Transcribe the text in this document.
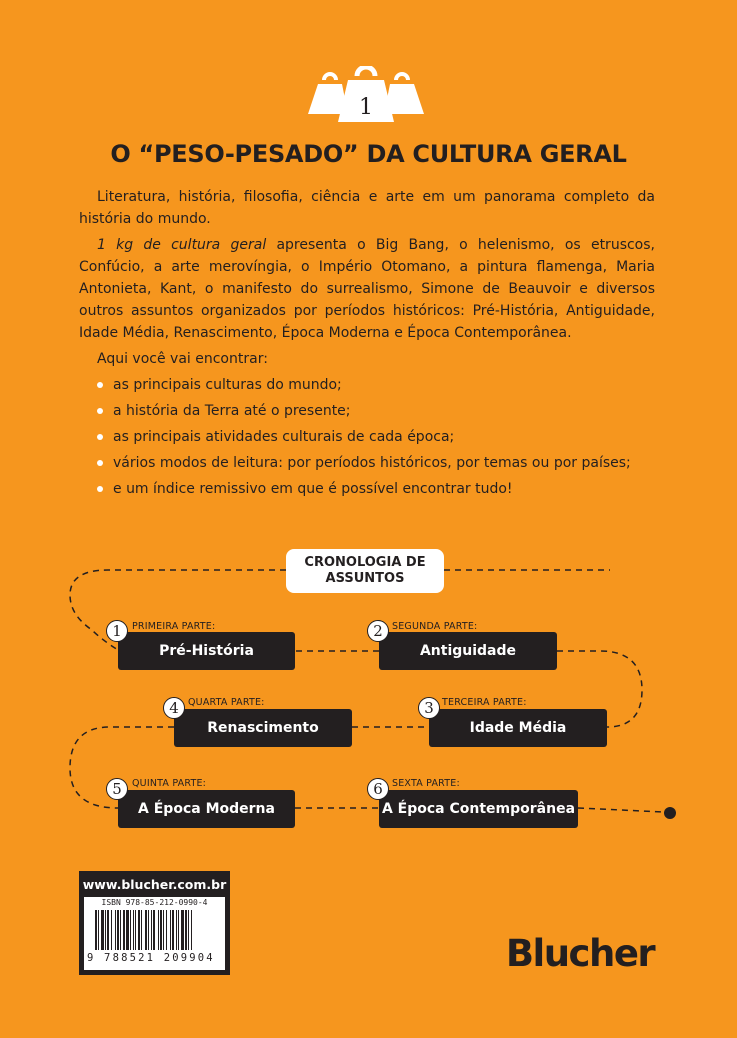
1
O “PESO-PESADO” DA CULTURA GERAL

Literatura, história, filosofia, ciência e arte em um panorama completo da história do mundo.

1 kg de cultura geral apresenta o Big Bang, o helenismo, os etruscos, Confúcio, a arte merovíngia, o Império Otomano, a pintura flamenga, Maria Antonieta, Kant, o manifesto do surrealismo, Simone de Beauvoir e diversos outros assuntos organizados por períodos históricos: Pré-História, Antiguidade, Idade Média, Renascimento, Época Moderna e Época Contemporânea.

Aqui você vai encontrar:

as principais culturas do mundo;
a história da Terra até o presente;
as principais atividades culturais de cada época;
vários modos de leitura: por períodos históricos, por temas ou por países;
e um índice remissivo em que é possível encontrar tudo!
CRONOLOGIA DE
ASSUNTOS
PRIMEIRA PARTE:
Pré-História
1	SEGUNDA PARTE:
Antiguidade
2
QUARTA PARTE:
Renascimento
4	TERCEIRA PARTE:
Idade Média
3
QUINTA PARTE:
A Época Moderna
5	SEXTA PARTE:
A Época Contemporânea
6
www.blucher.com.br
ISBN 978-85-212-0990-4
9 788521 209904	Blucher
